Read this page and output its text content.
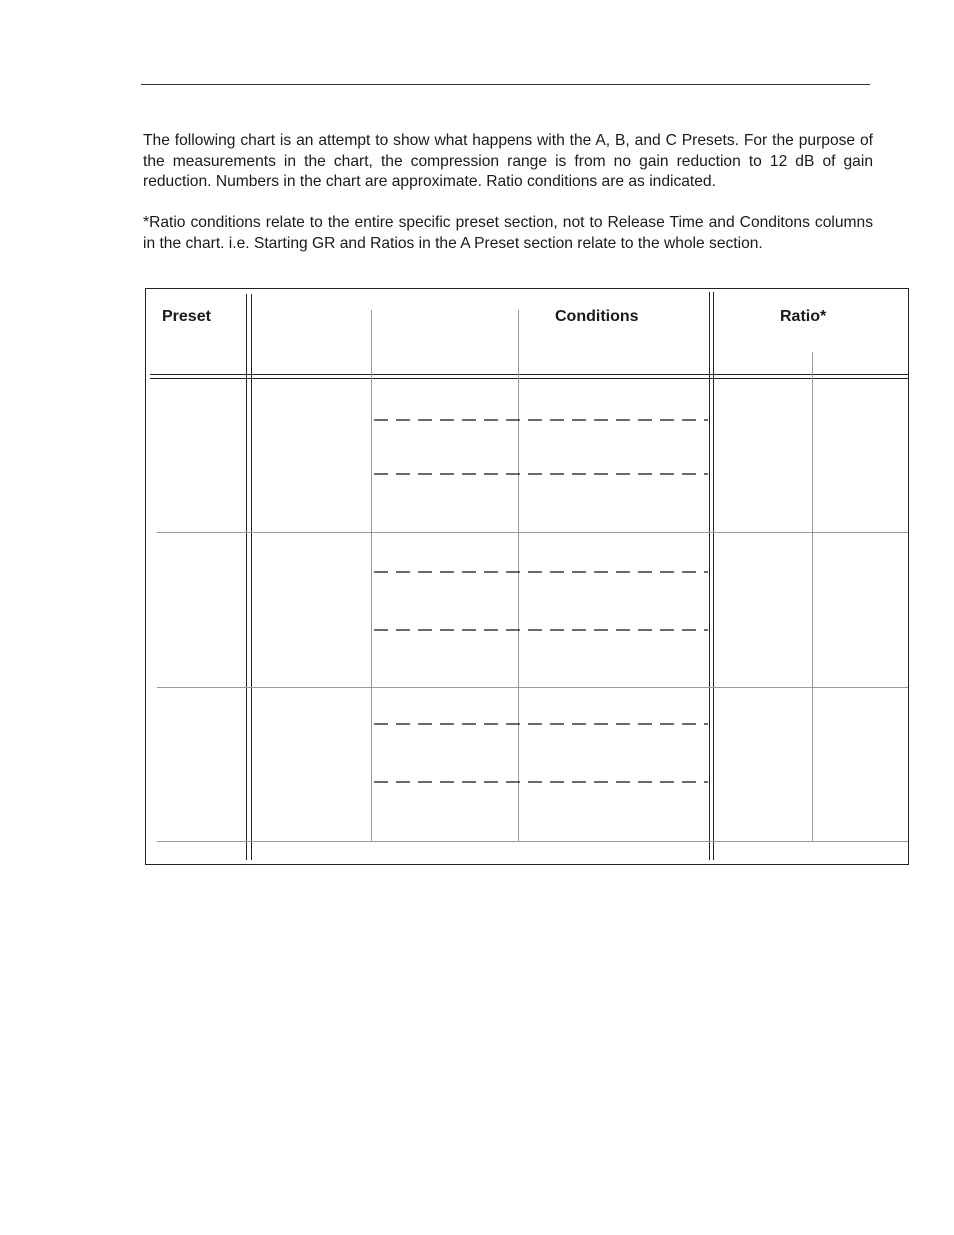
The following chart is an attempt to show what happens with the A, B, and C Presets. For the purpose of the measurements in the chart, the compression range is from no gain reduction to 12 dB of gain reduction. Numbers in the chart are approximate. Ratio conditions are as indicated.

*Ratio conditions relate to the entire specific preset section, not to Release Time and Conditons columns in the chart. i.e. Starting GR and Ratios in the A Preset section relate to the whole section.

Preset	Conditions	Ratio*
